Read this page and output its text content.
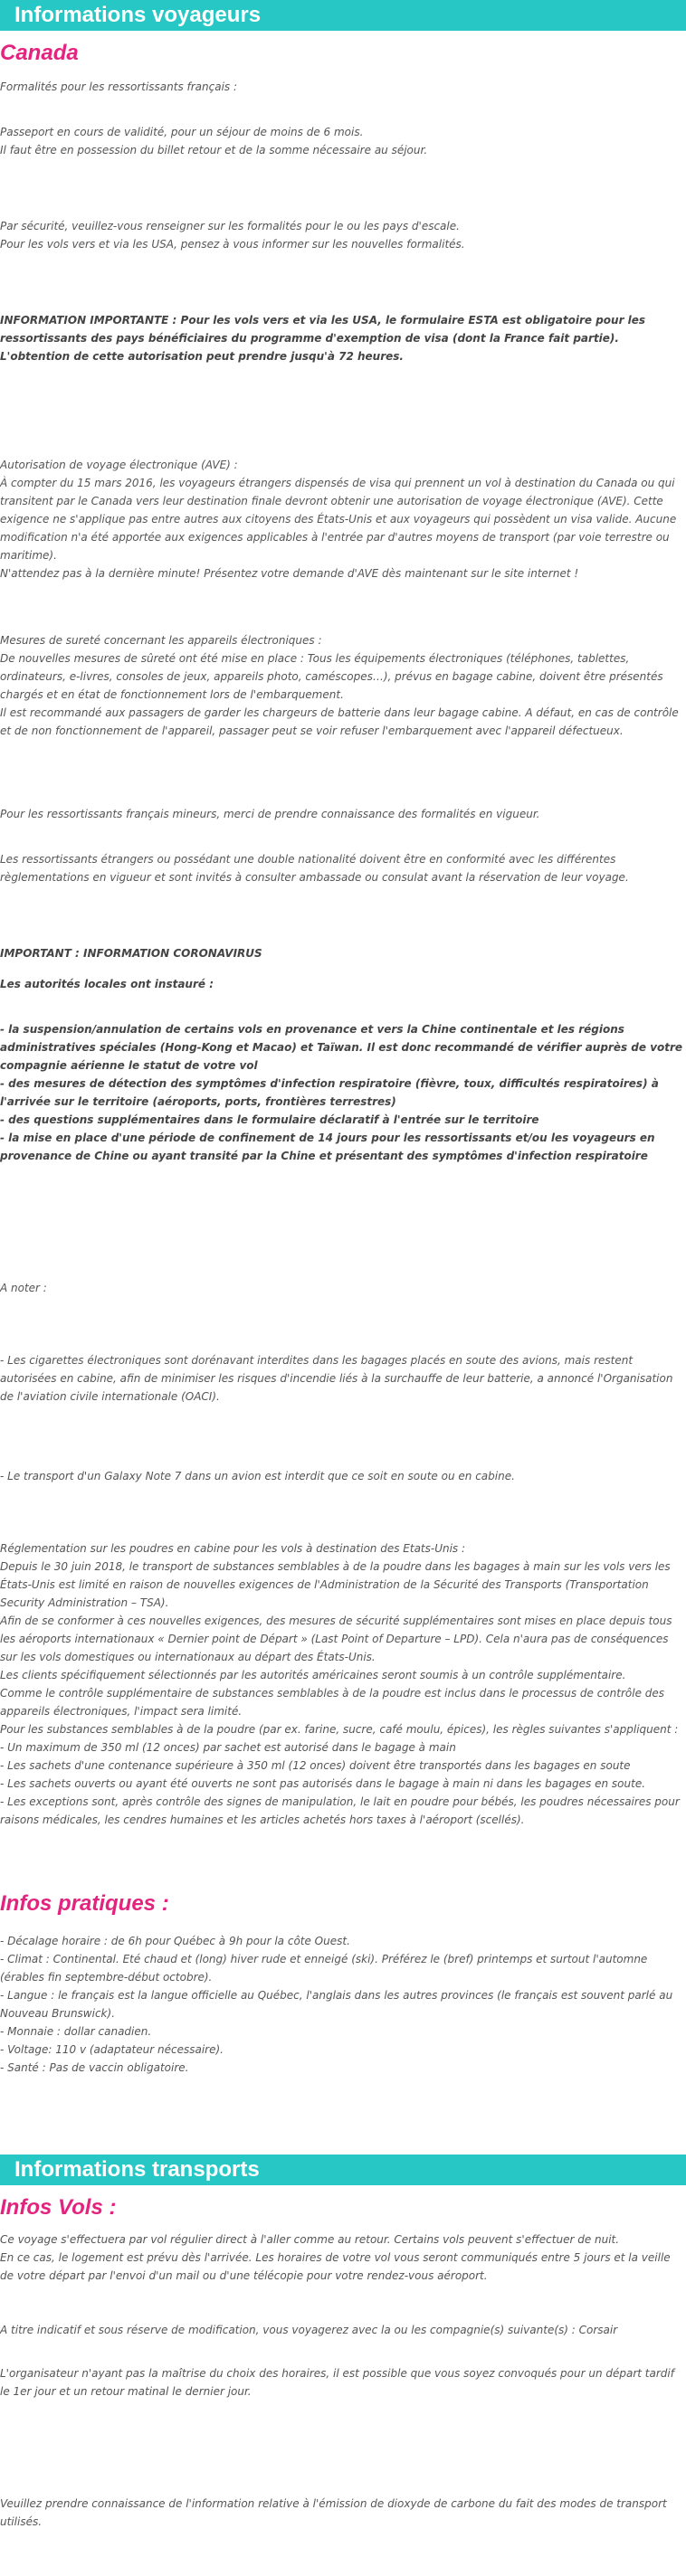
Informations voyageurs
Canada

Formalités pour les ressortissants français :

Passeport en cours de validité, pour un séjour de moins de 6 mois.

Il faut être en possession du billet retour et de la somme nécessaire au séjour.

Par sécurité, veuillez-vous renseigner sur les formalités pour le ou les pays d'escale.

Pour les vols vers et via les USA, pensez à vous informer sur les nouvelles formalités.

INFORMATION IMPORTANTE : Pour les vols vers et via les USA, le formulaire ESTA est obligatoire pour les ressortissants des pays bénéficiaires du programme d'exemption de visa (dont la France fait partie). L'obtention de cette autorisation peut prendre jusqu'à 72 heures.

Autorisation de voyage électronique (AVE) :

À compter du 15 mars 2016, les voyageurs étrangers dispensés de visa qui prennent un vol à destination du Canada ou qui transitent par le Canada vers leur destination finale devront obtenir une autorisation de voyage électronique (AVE). Cette exigence ne s'applique pas entre autres aux citoyens des États-Unis et aux voyageurs qui possèdent un visa valide. Aucune modification n'a été apportée aux exigences applicables à l'entrée par d'autres moyens de transport (par voie terrestre ou maritime).

N'attendez pas à la dernière minute! Présentez votre demande d'AVE dès maintenant sur le site internet !

Mesures de sureté concernant les appareils électroniques :

De nouvelles mesures de sûreté ont été mise en place : Tous les équipements électroniques (téléphones, tablettes, ordinateurs, e-livres, consoles de jeux, appareils photo, caméscopes…), prévus en bagage cabine, doivent être présentés chargés et en état de fonctionnement lors de l'embarquement.

Il est recommandé aux passagers de garder les chargeurs de batterie dans leur bagage cabine. A défaut, en cas de contrôle et de non fonctionnement de l'appareil, passager peut se voir refuser l'embarquement avec l'appareil défectueux.

Pour les ressortissants français mineurs, merci de prendre connaissance des formalités en vigueur.

Les ressortissants étrangers ou possédant une double nationalité doivent être en conformité avec les différentes règlementations en vigueur et sont invités à consulter ambassade ou consulat avant la réservation de leur voyage.

IMPORTANT : INFORMATION CORONAVIRUS

Les autorités locales ont instauré :

- la suspension/annulation de certains vols en provenance et vers la Chine continentale et les régions administratives spéciales (Hong-Kong et Macao) et Taïwan. Il est donc recommandé de vérifier auprès de votre compagnie aérienne le statut de votre vol

- des mesures de détection des symptômes d'infection respiratoire (fièvre, toux, difficultés respiratoires) à l'arrivée sur le territoire (aéroports, ports, frontières terrestres)

- des questions supplémentaires dans le formulaire déclaratif à l'entrée sur le territoire

- la mise en place d'une période de confinement de 14 jours pour les ressortissants et/ou les voyageurs en provenance de Chine ou ayant transité par la Chine et présentant des symptômes d'infection respiratoire

A noter :

- Les cigarettes électroniques sont dorénavant interdites dans les bagages placés en soute des avions, mais restent autorisées en cabine, afin de minimiser les risques d'incendie liés à la surchauffe de leur batterie, a annoncé l'Organisation de l'aviation civile internationale (OACI).

- Le transport d'un Galaxy Note 7 dans un avion est interdit que ce soit en soute ou en cabine.

Réglementation sur les poudres en cabine pour les vols à destination des Etats-Unis :

Depuis le 30 juin 2018, le transport de substances semblables à de la poudre dans les bagages à main sur les vols vers les États-Unis est limité en raison de nouvelles exigences de l'Administration de la Sécurité des Transports (Transportation Security Administration – TSA).

Afin de se conformer à ces nouvelles exigences, des mesures de sécurité supplémentaires sont mises en place depuis tous les aéroports internationaux « Dernier point de Départ » (Last Point of Departure – LPD). Cela n'aura pas de conséquences sur les vols domestiques ou internationaux au départ des États-Unis.

Les clients spécifiquement sélectionnés par les autorités américaines seront soumis à un contrôle supplémentaire.

Comme le contrôle supplémentaire de substances semblables à de la poudre est inclus dans le processus de contrôle des appareils électroniques, l'impact sera limité.

Pour les substances semblables à de la poudre (par ex. farine, sucre, café moulu, épices), les règles suivantes s'appliquent :

- Un maximum de 350 ml (12 onces) par sachet est autorisé dans le bagage à main

- Les sachets d'une contenance supérieure à 350 ml (12 onces) doivent être transportés dans les bagages en soute

- Les sachets ouverts ou ayant été ouverts ne sont pas autorisés dans le bagage à main ni dans les bagages en soute.

- Les exceptions sont, après contrôle des signes de manipulation, le lait en poudre pour bébés, les poudres nécessaires pour raisons médicales, les cendres humaines et les articles achetés hors taxes à l'aéroport (scellés).

Infos pratiques :

- Décalage horaire : de 6h pour Québec à 9h pour la côte Ouest.

- Climat : Continental. Eté chaud et (long) hiver rude et enneigé (ski). Préférez le (bref) printemps et surtout l'automne (érables fin septembre-début octobre).

- Langue : le français est la langue officielle au Québec, l'anglais dans les autres provinces (le français est souvent parlé au Nouveau Brunswick).

- Monnaie : dollar canadien.

- Voltage: 110 v (adaptateur nécessaire).

- Santé : Pas de vaccin obligatoire.

Informations transports
Infos Vols :

Ce voyage s'effectuera par vol régulier direct à l'aller comme au retour. Certains vols peuvent s'effectuer de nuit.

En ce cas, le logement est prévu dès l'arrivée. Les horaires de votre vol vous seront communiqués entre 5 jours et la veille de votre départ par l'envoi d'un mail ou d'une télécopie pour votre rendez-vous aéroport.

A titre indicatif et sous réserve de modification, vous voyagerez avec la ou les compagnie(s) suivante(s) : Corsair

L'organisateur n'ayant pas la maîtrise du choix des horaires, il est possible que vous soyez convoqués pour un départ tardif le 1er jour et un retour matinal le dernier jour.

Veuillez prendre connaissance de l'information relative à l'émission de dioxyde de carbone du fait des modes de transport utilisés.
